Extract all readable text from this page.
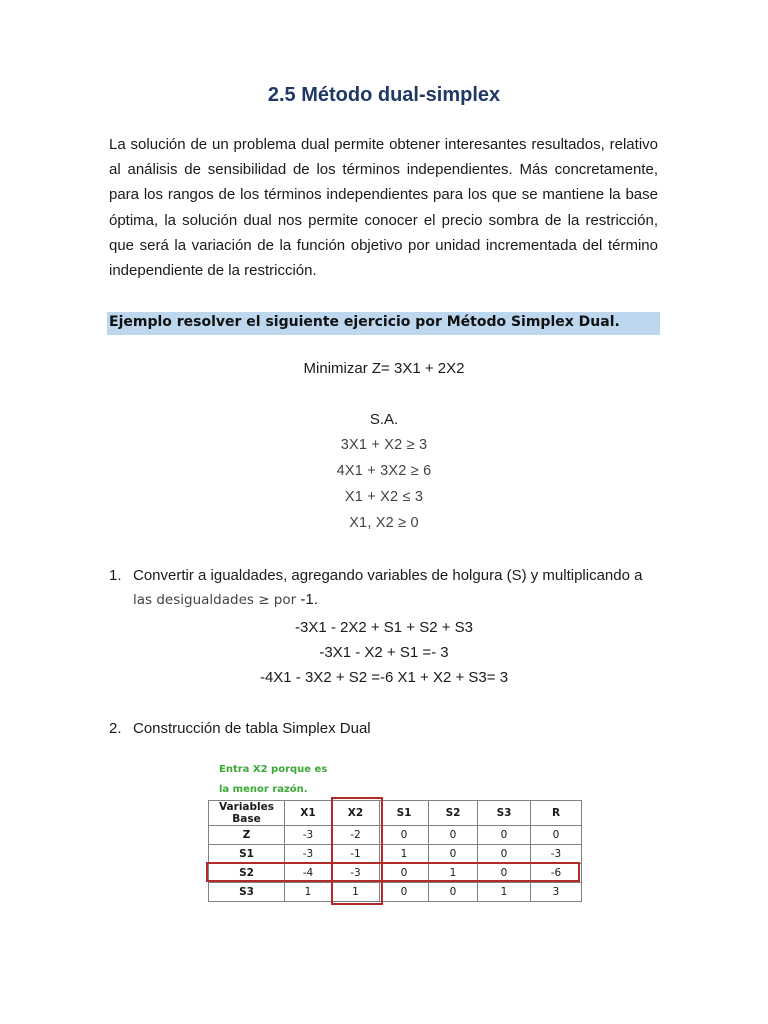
2.5 Método dual-simplex

La solución de un problema dual permite obtener interesantes resultados, relativo al análisis de sensibilidad de los términos independientes. Más concretamente, para los rangos de los términos independientes para los que se mantiene la base óptima, la solución dual nos permite conocer el precio sombra de la restricción, que será la variación de la función objetivo por unidad incrementada del término independiente de la restricción.

Ejemplo resolver el siguiente ejercicio por Método Simplex Dual.
Minimizar Z= 3X1 + 2X2
S.A.
3X1 + X2 ≥ 3
4X1 + 3X2 ≥ 6
X1 + X2 ≤ 3
X1, X2 ≥ 0
1. Convertir a igualdades, agregando variables de holgura (S) y multiplicando a
las desigualdades ≥ por -1.
-3X1 - 2X2 + S1 + S2 + S3
-3X1 - X2 + S1 =- 3
-4X1 - 3X2 + S2 =-6 X1 + X2 + S3= 3
2. Construcción de tabla Simplex Dual
Entra X2 porque es la menor razón.
Variables Base	X1	X2	S1	S2	S3	R
Z	-3	-2	0	0	0	0
S1	-3	-1	1	0	0	-3
S2	-4	-3	0	1	0	-6
S3	1	1	0	0	1	3
